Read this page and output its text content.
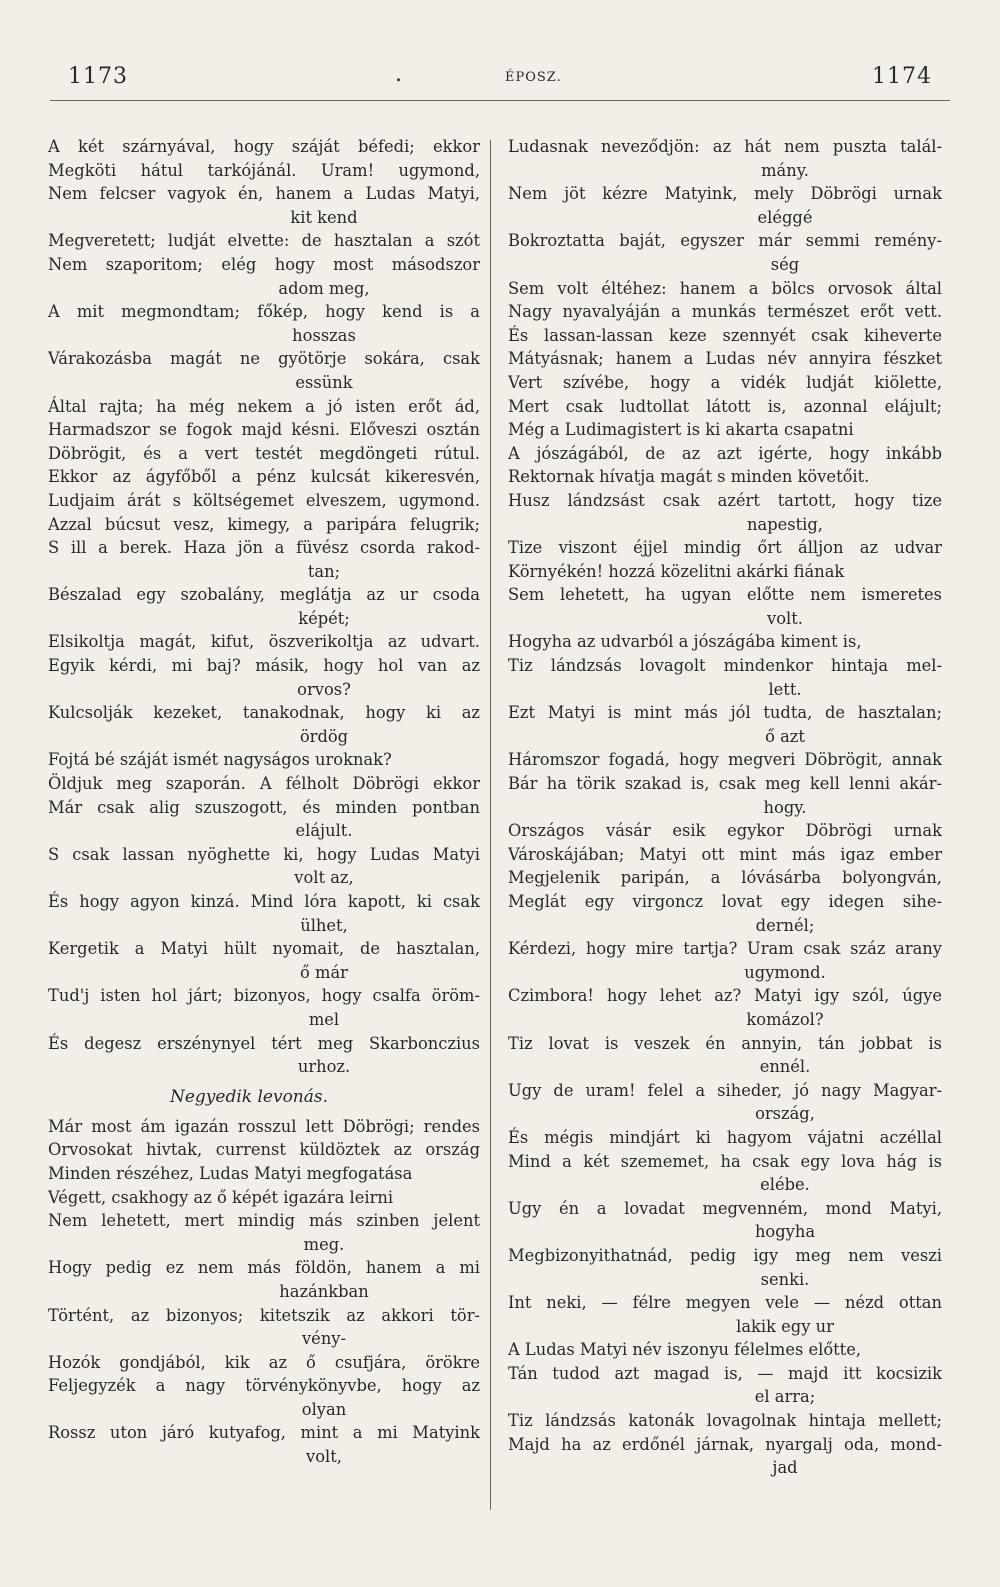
1173	.	ÉPOSZ.	1174
A két szárnyával, hogy száját béfedi; ekkor
Megköti hátul tarkójánál. Uram! ugymond,
Nem felcser vagyok én, hanem a Ludas Matyi,
kit kend
Megveretett; ludját elvette: de hasztalan a szót
Nem szaporitom; elég hogy most másodszor
adom meg,
A mit megmondtam; főkép, hogy kend is a
hosszas
Várakozásba magát ne gyötörje sokára, csak
essünk
Által rajta; ha még nekem a jó isten erőt ád,
Harmadszor se fogok majd késni. Elővеszi osztán
Döbrögit, és a vert testét megdöngeti rútul.
Ekkor az ágyfőből a pénz kulcsát kikeresvén,
Ludjaim árát s költségemet elveszem, ugymond.
Azzal búcsut vesz, kimegy, a paripára felugrik;
S ill a berek. Haza jön a füvész csorda rakod-
tan;
Bészalad egy szobalány, meglátja az ur csoda
képét;
Elsikoltja magát, kifut, öszverikoltja az udvart.
Egyik kérdi, mi baj? másik, hogy hol van az
orvos?
Kulcsolják kezeket, tanakodnak, hogy ki az
ördög
Fojtá bé száját ismét nagyságos uroknak?
Öldjuk meg szaporán. A félholt Döbrögi ekkor
Már csak alig szuszogott, és minden pontban
elájult.
S csak lassan nyöghette ki, hogy Ludas Matyi
volt az,
És hogy agyon kinzá. Mind lóra kapott, ki csak
ülhet,
Kergetik a Matyi hült nyomait, de hasztalan,
ő már
Tud'j isten hol járt; bizonyos, hogy csalfa öröm-
mel
És degesz erszénynyel tért meg Skarbonczius
urhoz.
Negyedik levonás.
Már most ám igazán rosszul lett Döbrögi; rendes
Orvosokat hivtak, currenst küldöztek az ország
Minden részéhez, Ludas Matyi megfogatása
Végett, csakhogy az ő képét igazára leirni
Nem lehetett, mert mindig más szinben jelent
meg.
Hogy pedig ez nem más földön, hanem a mi
hazánkban
Történt, az bizonyos; kitetszik az akkori tör-
vény-
Hozók gondjából, kik az ő csufjára, örökre
Feljegyzék a nagy törvénykönyvbe, hogy az
olyan
Rossz uton járó kutyafog, mint a mi Matyink
volt,
Ludasnak neveződjön: az hát nem puszta talál-
mány.
Nem jöt kézre Matyink, mely Döbrögi urnak
eléggé
Bokroztatta baját, egyszer már semmi remény-
ség
Sem volt éltéhez: hanem a bölcs orvosok által
Nagy nyavalyáján a munkás természet erőt vett.
És lassan-lassan keze szennyét csak kiheverte
Mátyásnak; hanem a Ludas név annyira fészket
Vert szívébe, hogy a vidék ludját kiölette,
Mert csak ludtollat látott is, azonnal elájult;
Még a Ludimagistert is ki akarta csapatni
A jószágából, de az azt igérte, hogy inkább
Rektornak hívatja magát s minden követőit.
Husz lándzsást csak azért tartott, hogy tize
napestig,
Tize viszont éjjel mindig őrt álljon az udvar
Környékén! hozzá közelitni akárki fiának
Sem lehetett, ha ugyan előtte nem ismeretes
volt.
Hogyha az udvarból a jószágába kiment is,
Tiz lándzsás lovagolt mindenkor hintaja mel-
lett.
Ezt Matyi is mint más jól tudta, de hasztalan;
ő azt
Háromszor fogadá, hogy megveri Döbrögit, annak
Bár ha törik szakad is, csak meg kell lenni akár-
hogy.
Országos vásár esik egykor Döbrögi urnak
Városkájában; Matyi ott mint más igaz ember
Megjelenik paripán, a lóvásárba bolyongván,
Meglát egy virgoncz lovat egy idegen sihe-
dernél;
Kérdezi, hogy mire tartja? Uram csak száz arany
ugymond.
Czimbora! hogy lehet az? Matyi igy szól, úgye
komázol?
Tiz lovat is veszek én annyin, tán jobbat is
ennél.
Ugy de uram! felel a siheder, jó nagy Magyar-
ország,
És mégis mindjárt ki hagyom vájatni aczéllal
Mind a két szememet, ha csak egy lova hág is
elébe.
Ugy én a lovadat megvenném, mond Matyi,
hogyha
Megbizonyithatnád, pedig igy meg nem veszi
senki.
Int neki, — félre megyen vele — nézd ottan
lakik egy ur
A Ludas Matyi név iszonyu félelmes előtte,
Tán tudod azt magad is, — majd itt kocsizik
el arra;
Tiz lándzsás katonák lovagolnak hintaja mellett;
Majd ha az erdőnél járnak, nyargalj oda, mond-
jad
